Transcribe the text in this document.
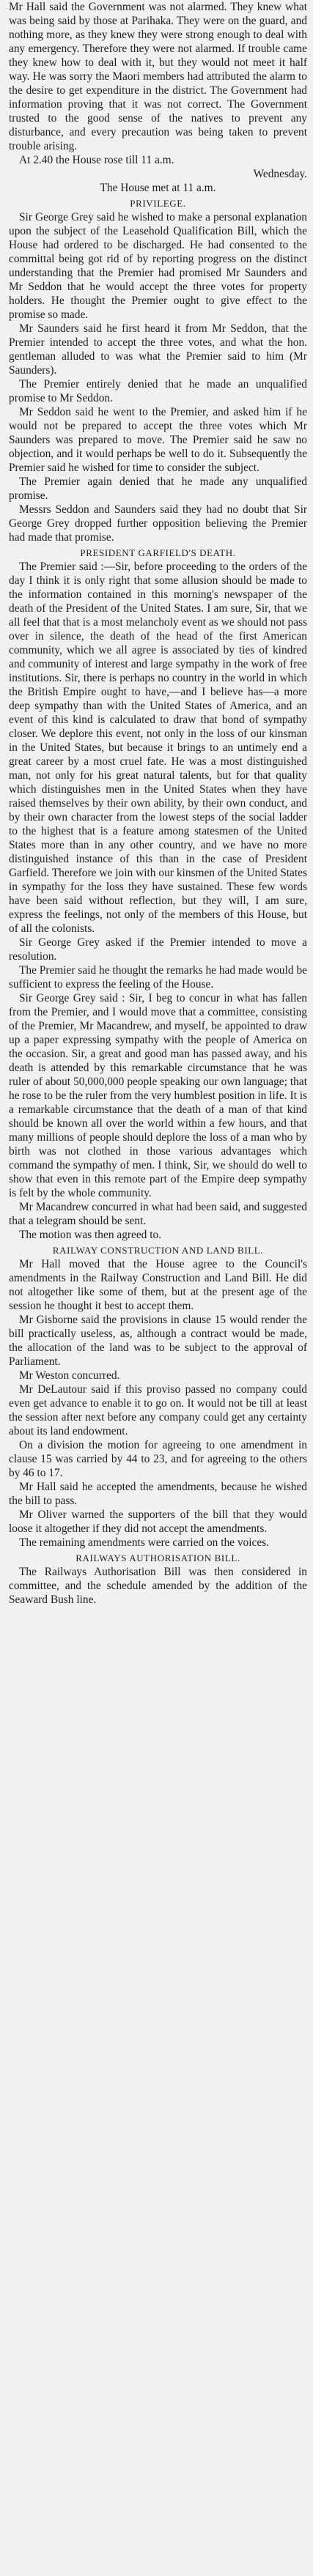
Mr Hall said the Government was not alarmed. They knew what was being said by those at Parihaka. They were on the guard, and nothing more, as they knew they were strong enough to deal with any emergency. Therefore they were not alarmed. If trouble came they knew how to deal with it, but they would not meet it half way. He was sorry the Maori members had attributed the alarm to the desire to get expenditure in the district. The Government had information proving that it was not correct. The Government trusted to the good sense of the natives to prevent any disturbance, and every precaution was being taken to prevent trouble arising.

At 2.40 the House rose till 11 a.m.

Wednesday.

The House met at 11 a.m.

PRIVILEGE.

Sir George Grey said he wished to make a personal explanation upon the subject of the Leasehold Qualification Bill, which the House had ordered to be discharged. He had consented to the committal being got rid of by reporting progress on the distinct understanding that the Premier had promised Mr Saunders and Mr Seddon that he would accept the three votes for property holders. He thought the Premier ought to give effect to the promise so made.

Mr Saunders said he first heard it from Mr Seddon, that the Premier intended to accept the three votes, and what the hon. gentleman alluded to was what the Premier said to him (Mr Saunders).

The Premier entirely denied that he made an unqualified promise to Mr Seddon.

Mr Seddon said he went to the Premier, and asked him if he would not be prepared to accept the three votes which Mr Saunders was prepared to move. The Premier said he saw no objection, and it would perhaps be well to do it. Subsequently the Premier said he wished for time to consider the subject.

The Premier again denied that he made any unqualified promise.

Messrs Seddon and Saunders said they had no doubt that Sir George Grey dropped further opposition believing the Premier had made that promise.

PRESIDENT GARFIELD'S DEATH.

The Premier said :—Sir, before proceeding to the orders of the day I think it is only right that some allusion should be made to the information contained in this morning's newspaper of the death of the President of the United States. I am sure, Sir, that we all feel that that is a most melancholy event as we should not pass over in silence, the death of the head of the first American community, which we all agree is associated by ties of kindred and community of interest and large sympathy in the work of free institutions. Sir, there is perhaps no country in the world in which the British Empire ought to have,—and I believe has—a more deep sympathy than with the United States of America, and an event of this kind is calculated to draw that bond of sympathy closer. We deplore this event, not only in the loss of our kinsman in the United States, but because it brings to an untimely end a great career by a most cruel fate. He was a most distinguished man, not only for his great natural talents, but for that quality which distinguishes men in the United States when they have raised themselves by their own ability, by their own conduct, and by their own character from the lowest steps of the social ladder to the highest that is a feature among statesmen of the United States more than in any other country, and we have no more distinguished instance of this than in the case of President Garfield. Therefore we join with our kinsmen of the United States in sympathy for the loss they have sustained. These few words have been said without reflection, but they will, I am sure, express the feelings, not only of the members of this House, but of all the colonists.

Sir George Grey asked if the Premier intended to move a resolution.

The Premier said he thought the remarks he had made would be sufficient to express the feeling of the House.

Sir George Grey said : Sir, I beg to concur in what has fallen from the Premier, and I would move that a committee, consisting of the Premier, Mr Macandrew, and myself, be appointed to draw up a paper expressing sympathy with the people of America on the occasion. Sir, a great and good man has passed away, and his death is attended by this remarkable circumstance that he was ruler of about 50,000,000 people speaking our own language; that he rose to be the ruler from the very humblest position in life. It is a remarkable circumstance that the death of a man of that kind should be known all over the world within a few hours, and that many millions of people should deplore the loss of a man who by birth was not clothed in those various advantages which command the sympathy of men. I think, Sir, we should do well to show that even in this remote part of the Empire deep sympathy is felt by the whole community.

Mr Macandrew concurred in what had been said, and suggested that a telegram should be sent.

The motion was then agreed to.

RAILWAY CONSTRUCTION AND LAND BILL.

Mr Hall moved that the House agree to the Council's amendments in the Railway Construction and Land Bill. He did not altogether like some of them, but at the present age of the session he thought it best to accept them.

Mr Gisborne said the provisions in clause 15 would render the bill practically useless, as, although a contract would be made, the allocation of the land was to be subject to the approval of Parliament.

Mr Weston concurred.

Mr DeLautour said if this proviso passed no company could even get advance to enable it to go on. It would not be till at least the session after next before any company could get any certainty about its land endowment.

On a division the motion for agreeing to one amendment in clause 15 was carried by 44 to 23, and for agreeing to the others by 46 to 17.

Mr Hall said he accepted the amendments, because he wished the bill to pass.

Mr Oliver warned the supporters of the bill that they would loose it altogether if they did not accept the amendments.

The remaining amendments were carried on the voices.

RAILWAYS AUTHORISATION BILL.

The Railways Authorisation Bill was then considered in committee, and the schedule amended by the addition of the Seaward Bush line.
